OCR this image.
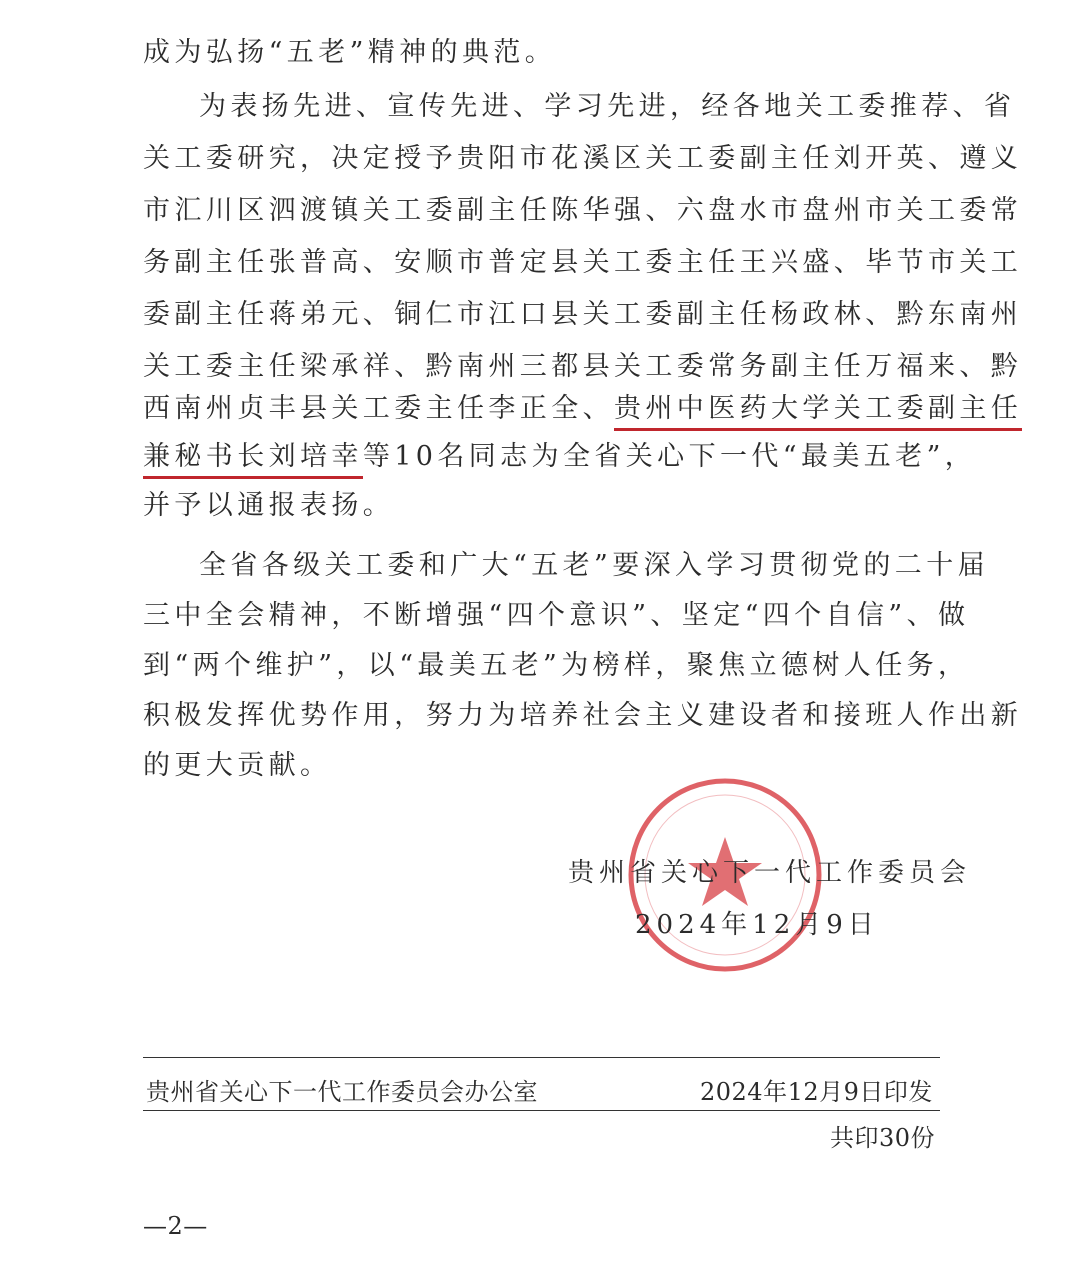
成为弘扬“五老”精神的典范。
为表扬先进、宣传先进、学习先进，经各地关工委推荐、省
关工委研究，决定授予贵阳市花溪区关工委副主任刘开英、遵义
市汇川区泗渡镇关工委副主任陈华强、六盘水市盘州市关工委常
务副主任张普高、安顺市普定县关工委主任王兴盛、毕节市关工
委副主任蒋弟元、铜仁市江口县关工委副主任杨政林、黔东南州
关工委主任梁承祥、黔南州三都县关工委常务副主任万福来、黔
西南州贞丰县关工委主任李正全、贵州中医药大学关工委副主任
兼秘书长刘培幸等10名同志为全省关心下一代“最美五老”，
并予以通报表扬。
全省各级关工委和广大“五老”要深入学习贯彻党的二十届
三中全会精神，不断增强“四个意识”、坚定“四个自信”、做
到“两个维护”，以“最美五老”为榜样，聚焦立德树人任务，
积极发挥优势作用，努力为培养社会主义建设者和接班人作出新
的更大贡献。
贵州省关心下一代工作委员会
2024年12月9日
贵州省关心下一代工作委员会办公室	2024年12月9日印发
共印30份
—2—
